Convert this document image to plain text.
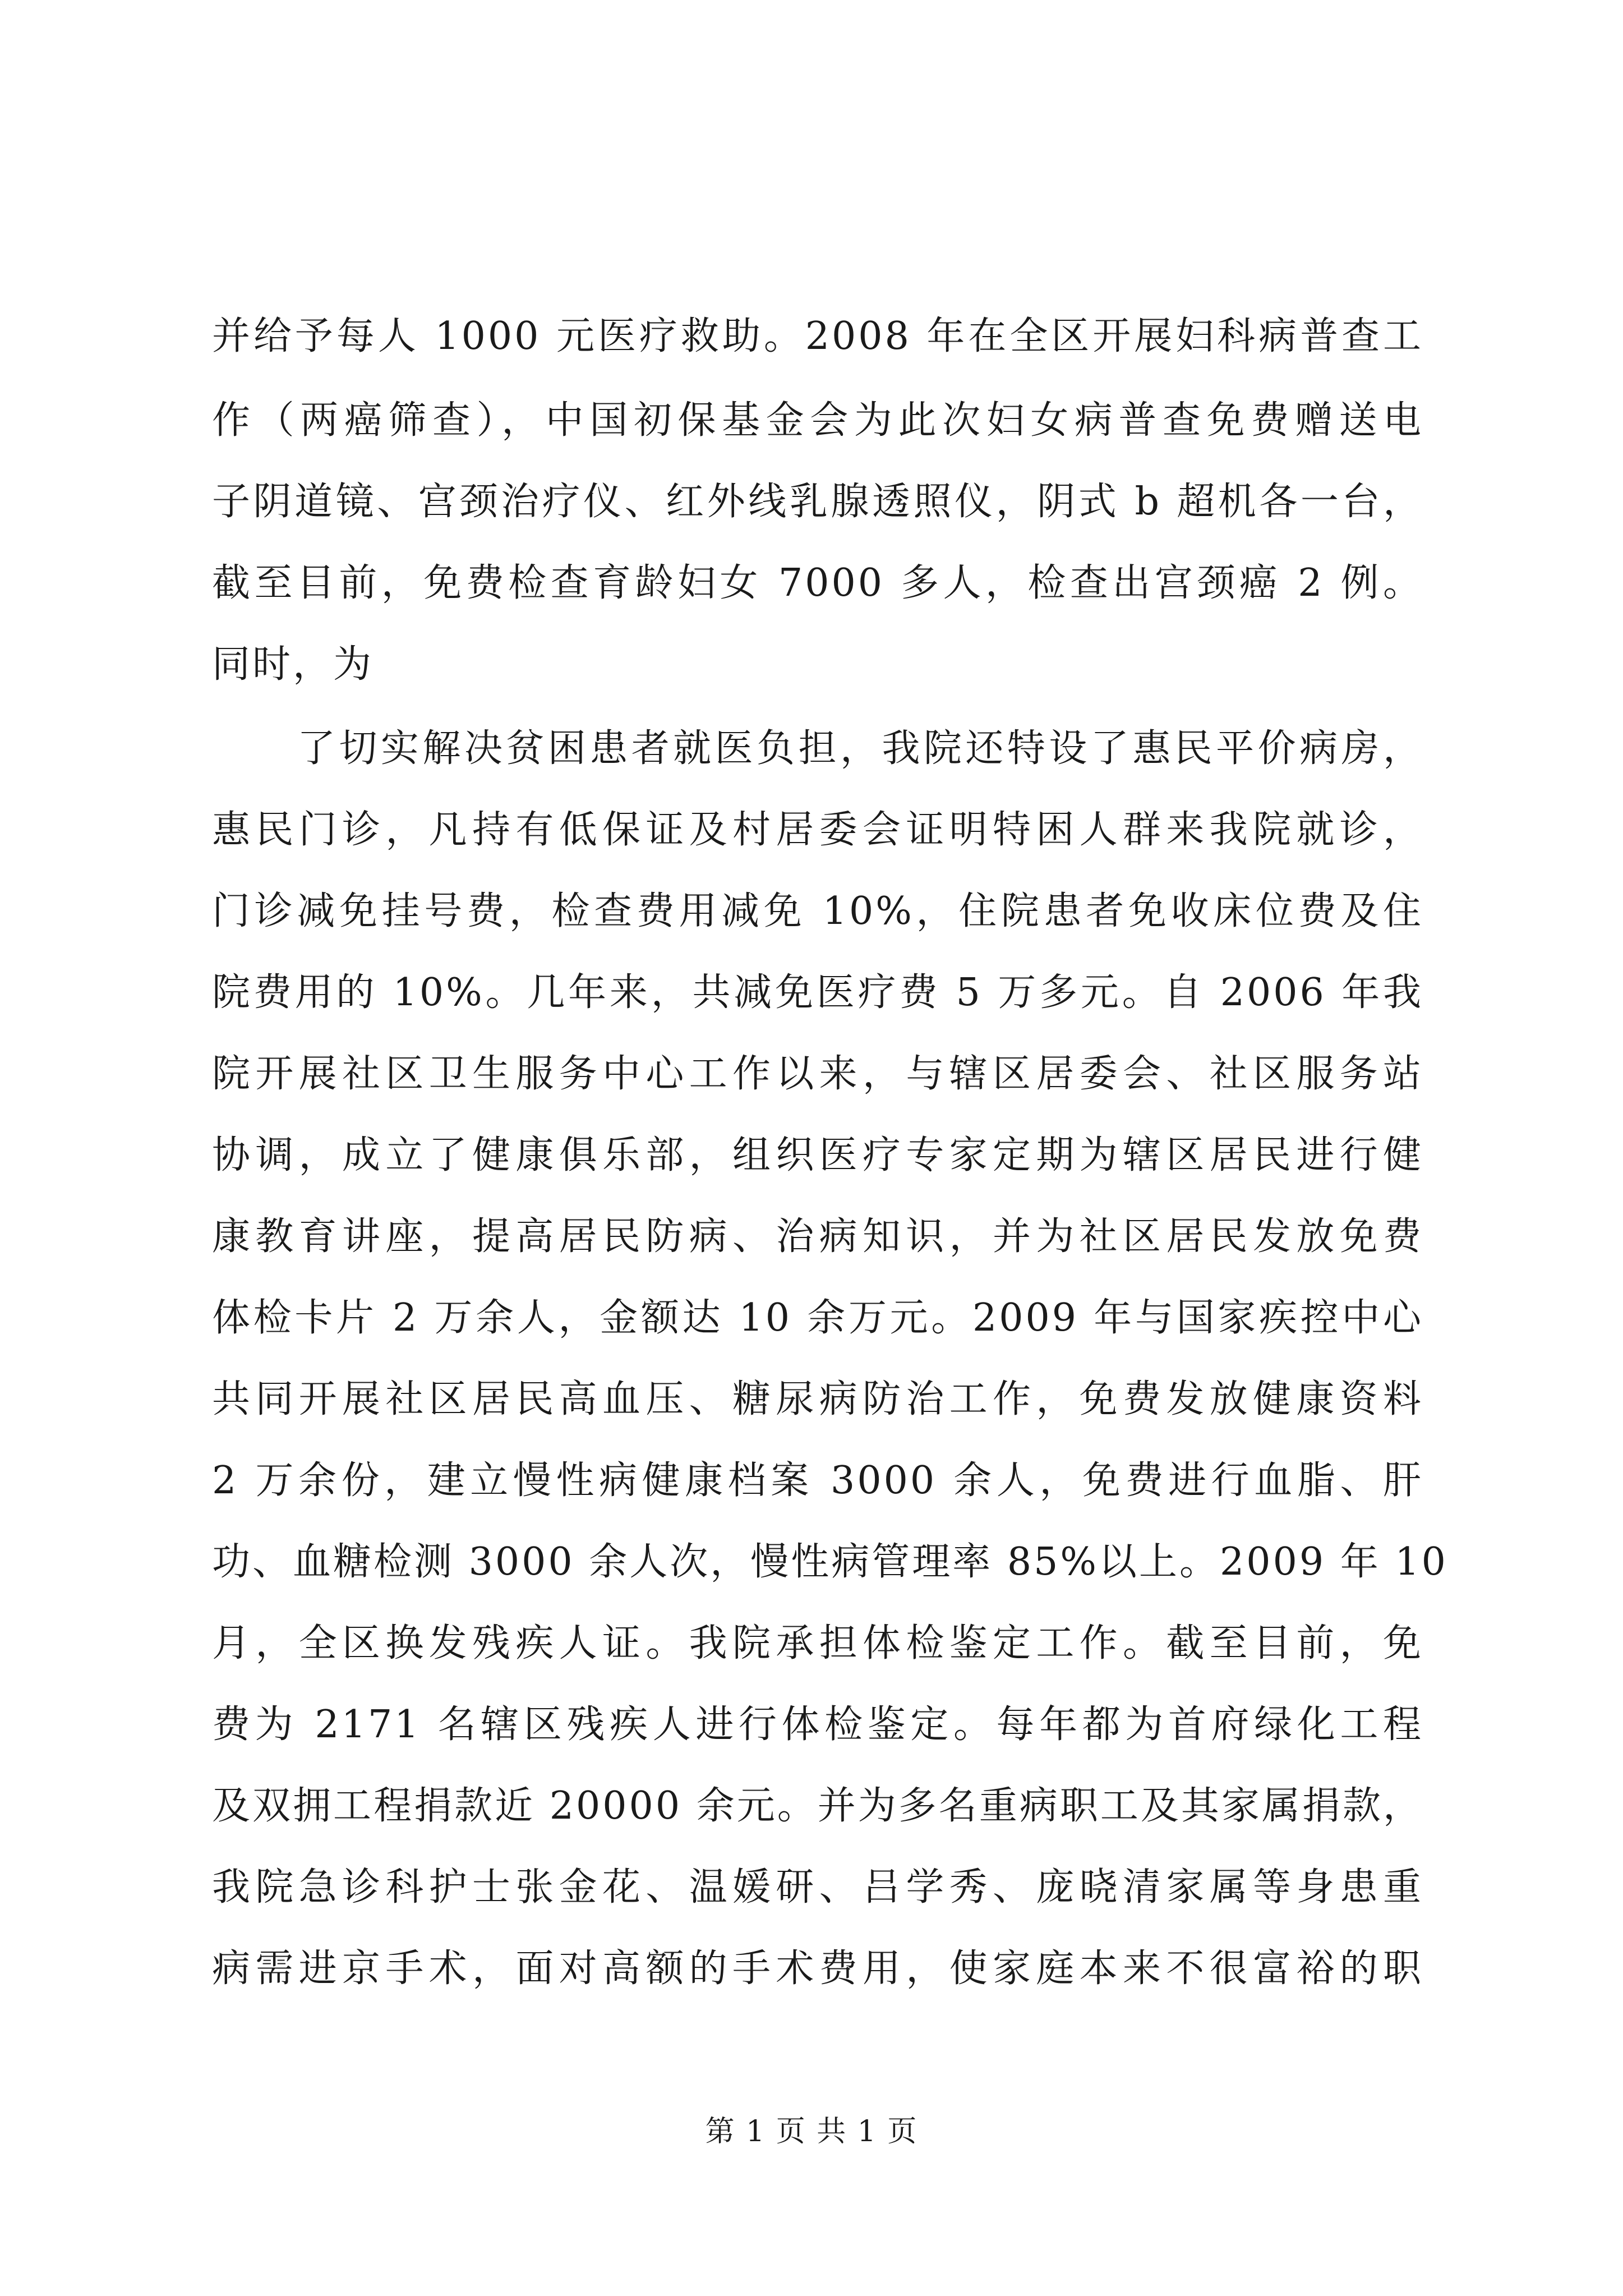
并给予每人 1000 元医疗救助。2008 年在全区开展妇科病普查工
作（两癌筛查），中国初保基金会为此次妇女病普查免费赠送电
子阴道镜、宫颈治疗仪、红外线乳腺透照仪，阴式 b 超机各一台，
截至目前，免费检查育龄妇女 7000 多人，检查出宫颈癌 2 例。
同时，为
了切实解决贫困患者就医负担，我院还特设了惠民平价病房，
惠民门诊，凡持有低保证及村居委会证明特困人群来我院就诊，
门诊减免挂号费，检查费用减免 10%，住院患者免收床位费及住
院费用的 10%。几年来，共减免医疗费 5 万多元。自 2006 年我
院开展社区卫生服务中心工作以来，与辖区居委会、社区服务站
协调，成立了健康俱乐部，组织医疗专家定期为辖区居民进行健
康教育讲座，提高居民防病、治病知识，并为社区居民发放免费
体检卡片 2 万余人，金额达 10 余万元。2009 年与国家疾控中心
共同开展社区居民高血压、糖尿病防治工作，免费发放健康资料
2 万余份，建立慢性病健康档案 3000 余人，免费进行血脂、肝
功、血糖检测 3000 余人次，慢性病管理率 85%以上。2009 年 10
月，全区换发残疾人证。我院承担体检鉴定工作。截至目前，免
费为 2171 名辖区残疾人进行体检鉴定。每年都为首府绿化工程
及双拥工程捐款近 20000 余元。并为多名重病职工及其家属捐款，
我院急诊科护士张金花、温媛研、吕学秀、庞晓清家属等身患重
病需进京手术，面对高额的手术费用，使家庭本来不很富裕的职
第 1 页 共 1 页
